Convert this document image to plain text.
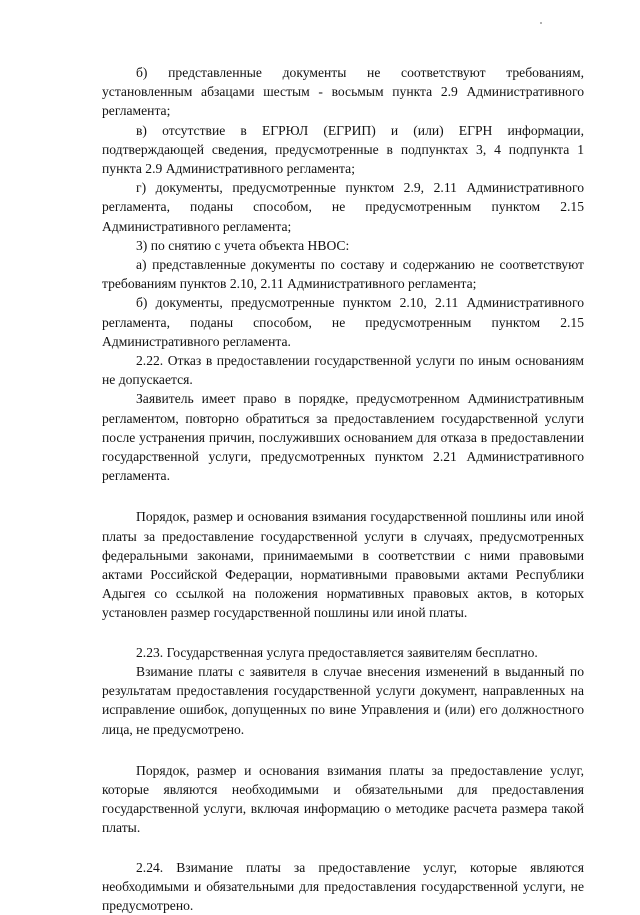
б) представленные документы не соответствуют требованиям, установленным абзацами шестым - восьмым пункта 2.9 Административного регламента;

в) отсутствие в ЕГРЮЛ (ЕГРИП) и (или) ЕГРН информации, подтверждающей сведения, предусмотренные в подпунктах 3, 4 подпункта 1 пункта 2.9 Административного регламента;

г) документы, предусмотренные пунктом 2.9, 2.11 Административного регламента, поданы способом, не предусмотренным пунктом 2.15 Административного регламента;

3) по снятию с учета объекта НВОС:

а) представленные документы по составу и содержанию не соответствуют требованиям пунктов 2.10, 2.11 Административного регламента;

б) документы, предусмотренные пунктом 2.10, 2.11 Административного регламента, поданы способом, не предусмотренным пунктом 2.15 Административного регламента.

2.22. Отказ в предоставлении государственной услуги по иным основаниям не допускается.

Заявитель имеет право в порядке, предусмотренном Административным регламентом, повторно обратиться за предоставлением государственной услуги после устранения причин, послуживших основанием для отказа в предоставлении государственной услуги, предусмотренных пунктом 2.21 Административного регламента.

Порядок, размер и основания взимания государственной пошлины или иной платы за предоставление государственной услуги в случаях, предусмотренных федеральными законами, принимаемыми в соответствии с ними правовыми актами Российской Федерации, нормативными правовыми актами Республики Адыгея со ссылкой на положения нормативных правовых актов, в которых установлен размер государственной пошлины или иной платы.

2.23. Государственная услуга предоставляется заявителям бесплатно.

Взимание платы с заявителя в случае внесения изменений в выданный по результатам предоставления государственной услуги документ, направленных на исправление ошибок, допущенных по вине Управления и (или) его должностного лица, не предусмотрено.

Порядок, размер и основания взимания платы за предоставление услуг, которые являются необходимыми и обязательными для предоставления государственной услуги, включая информацию о методике расчета размера такой платы.

2.24. Взимание платы за предоставление услуг, которые являются необходимыми и обязательными для предоставления государственной услуги, не предусмотрено.
